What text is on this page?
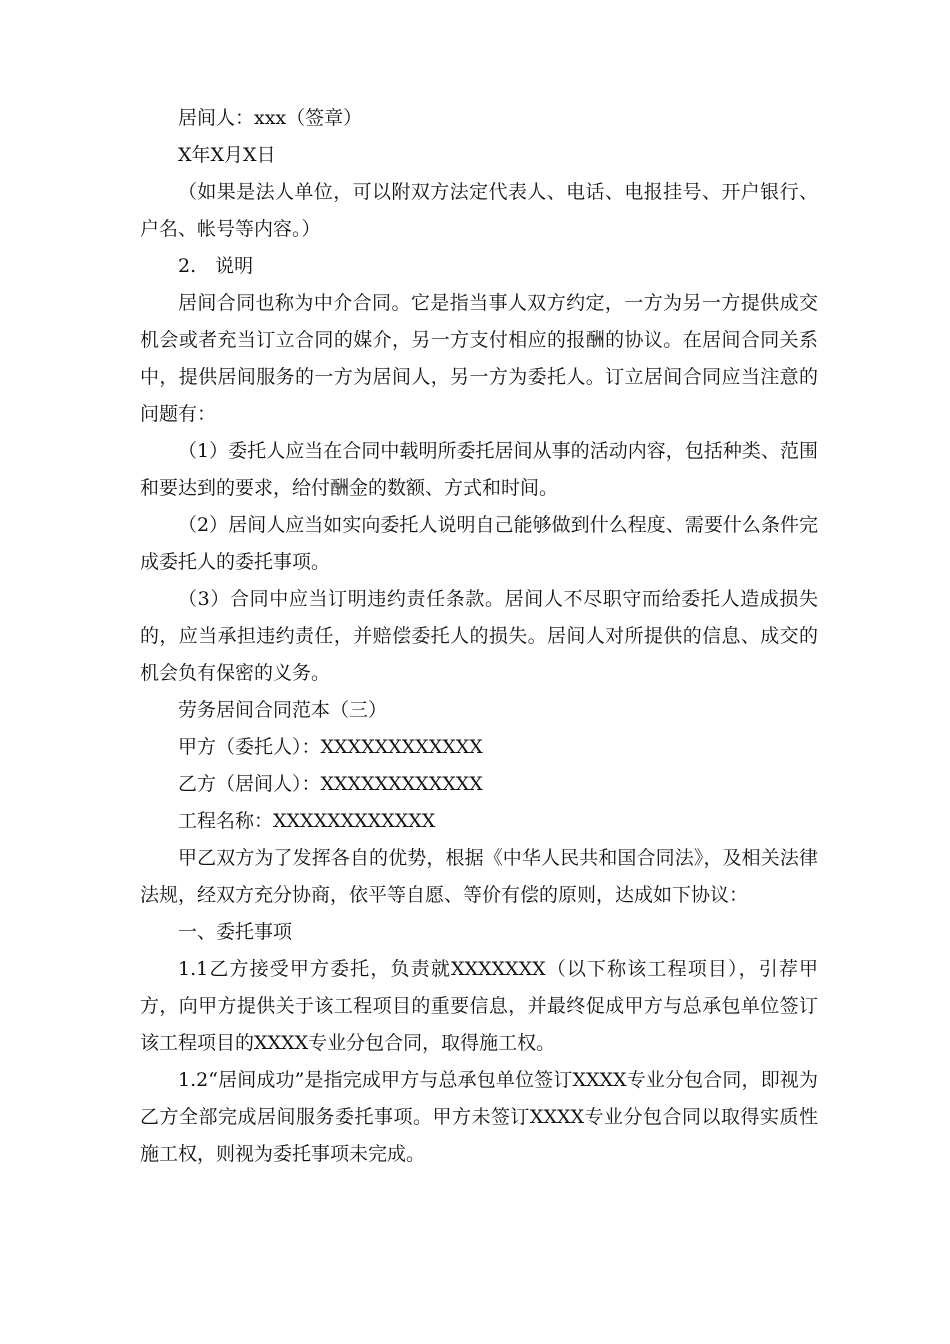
居间人：xxx（签章）

X年X月X日

（如果是法人单位，可以附双方法定代表人、电话、电报挂号、开户银行、户名、帐号等内容。）

2.　说明

居间合同也称为中介合同。它是指当事人双方约定，一方为另一方提供成交机会或者充当订立合同的媒介，另一方支付相应的报酬的协议。在居间合同关系中，提供居间服务的一方为居间人，另一方为委托人。订立居间合同应当注意的问题有：

（1）委托人应当在合同中载明所委托居间从事的活动内容，包括种类、范围和要达到的要求，给付酬金的数额、方式和时间。

（2）居间人应当如实向委托人说明自己能够做到什么程度、需要什么条件完成委托人的委托事项。

（3）合同中应当订明违约责任条款。居间人不尽职守而给委托人造成损失的，应当承担违约责任，并赔偿委托人的损失。居间人对所提供的信息、成交的机会负有保密的义务。

劳务居间合同范本（三）

甲方（委托人）：XXXXXXXXXXXX

乙方（居间人）：XXXXXXXXXXXX

工程名称：XXXXXXXXXXXX

甲乙双方为了发挥各自的优势，根据《中华人民共和国合同法》，及相关法律法规，经双方充分协商，依平等自愿、等价有偿的原则，达成如下协议：

一、委托事项

1.1乙方接受甲方委托，负责就XXXXXXX（以下称该工程项目），引荐甲方，向甲方提供关于该工程项目的重要信息，并最终促成甲方与总承包单位签订该工程项目的XXXX专业分包合同，取得施工权。

1.2“居间成功”是指完成甲方与总承包单位签订XXXX专业分包合同，即视为乙方全部完成居间服务委托事项。甲方未签订XXXX专业分包合同以取得实质性施工权，则视为委托事项未完成。
